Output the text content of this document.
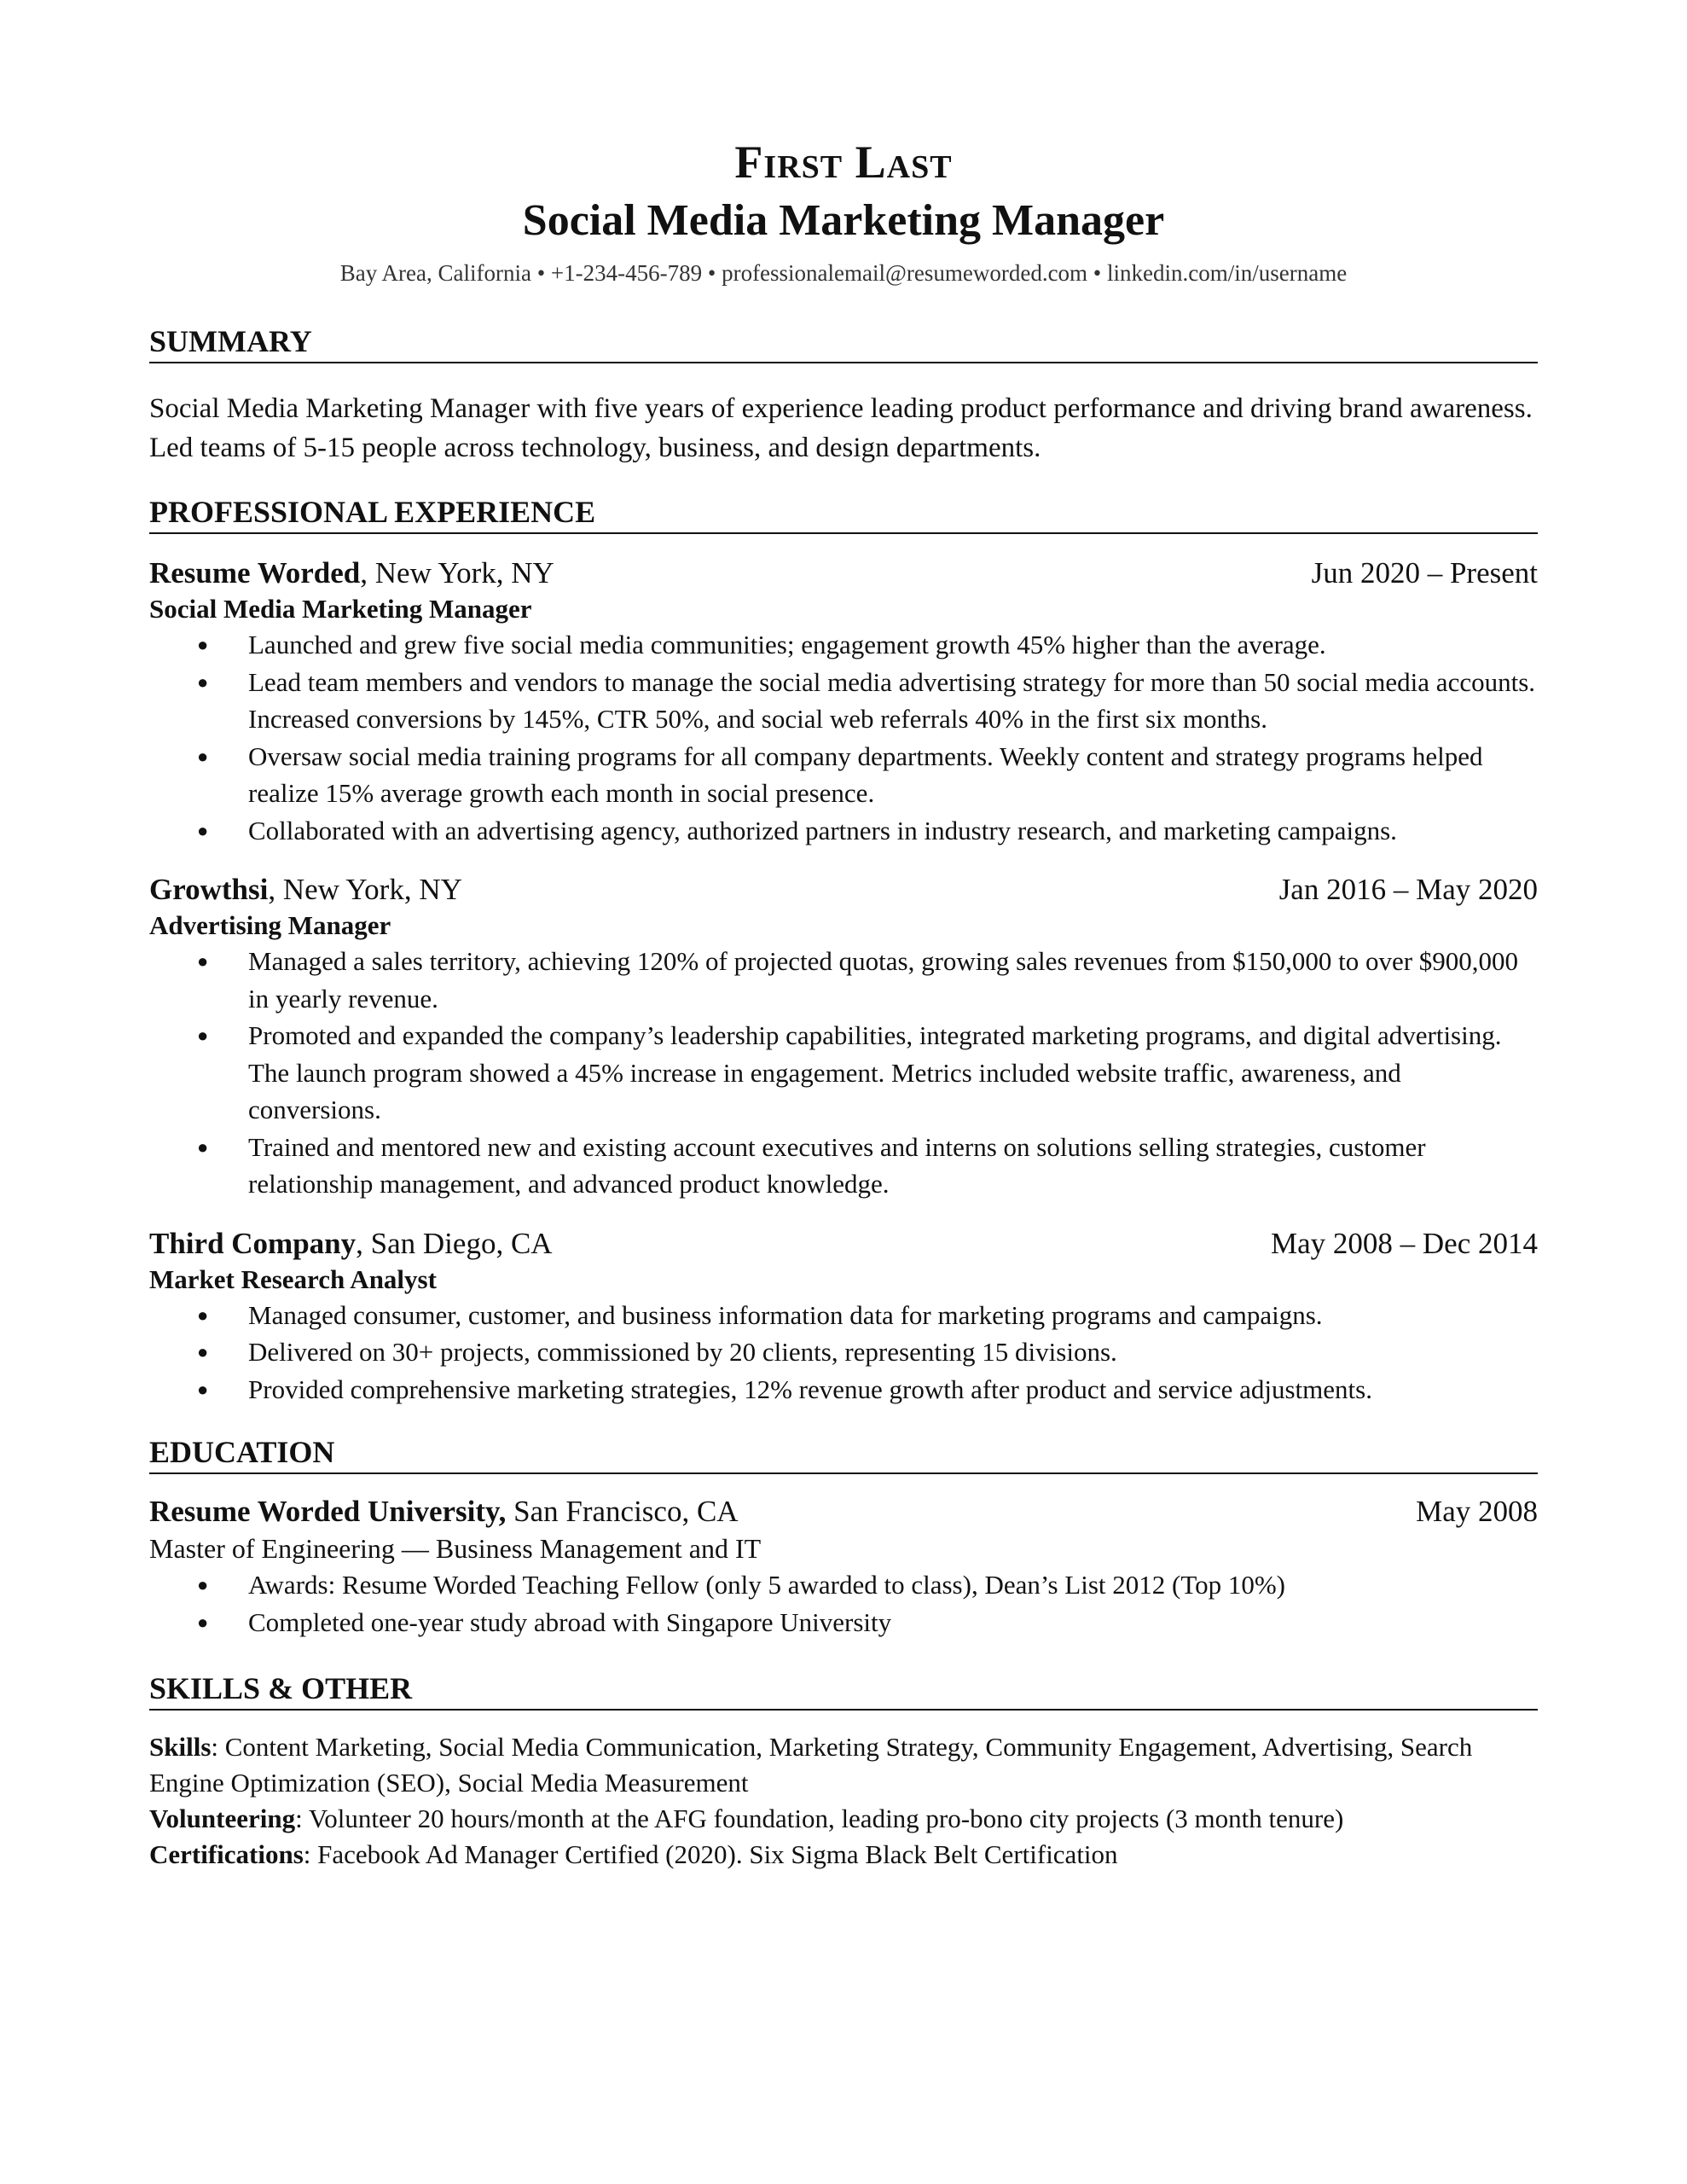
First Last
Social Media Marketing Manager
Bay Area, California • +1-234-456-789 • professionalemail@resumeworded.com • linkedin.com/in/username
SUMMARY
Social Media Marketing Manager with five years of experience leading product performance and driving brand awareness. Led teams of 5-15 people across technology, business, and design departments.
PROFESSIONAL EXPERIENCE
Resume Worded, New York, NY	Jun 2020 – Present
Social Media Marketing Manager
● Launched and grew five social media communities; engagement growth 45% higher than the average.
● Lead team members and vendors to manage the social media advertising strategy for more than 50 social media accounts. Increased conversions by 145%, CTR 50%, and social web referrals 40% in the first six months.
● Oversaw social media training programs for all company departments. Weekly content and strategy programs helped realize 15% average growth each month in social presence.
● Collaborated with an advertising agency, authorized partners in industry research, and marketing campaigns.
Growthsi, New York, NY	Jan 2016 – May 2020
Advertising Manager
● Managed a sales territory, achieving 120% of projected quotas, growing sales revenues from $150,000 to over $900,000 in yearly revenue.
● Promoted and expanded the company’s leadership capabilities, integrated marketing programs, and digital advertising. The launch program showed a 45% increase in engagement. Metrics included website traffic, awareness, and conversions.
● Trained and mentored new and existing account executives and interns on solutions selling strategies, customer relationship management, and advanced product knowledge.
Third Company, San Diego, CA	May 2008 – Dec 2014
Market Research Analyst
● Managed consumer, customer, and business information data for marketing programs and campaigns.
● Delivered on 30+ projects, commissioned by 20 clients, representing 15 divisions.
● Provided comprehensive marketing strategies, 12% revenue growth after product and service adjustments.
EDUCATION
Resume Worded University, San Francisco, CA	May 2008
Master of Engineering — Business Management and IT
● Awards: Resume Worded Teaching Fellow (only 5 awarded to class), Dean’s List 2012 (Top 10%)
● Completed one-year study abroad with Singapore University
SKILLS & OTHER
Skills: Content Marketing, Social Media Communication, Marketing Strategy, Community Engagement, Advertising, Search Engine Optimization (SEO), Social Media Measurement
Volunteering: Volunteer 20 hours/month at the AFG foundation, leading pro-bono city projects (3 month tenure)
Certifications: Facebook Ad Manager Certified (2020). Six Sigma Black Belt Certification
